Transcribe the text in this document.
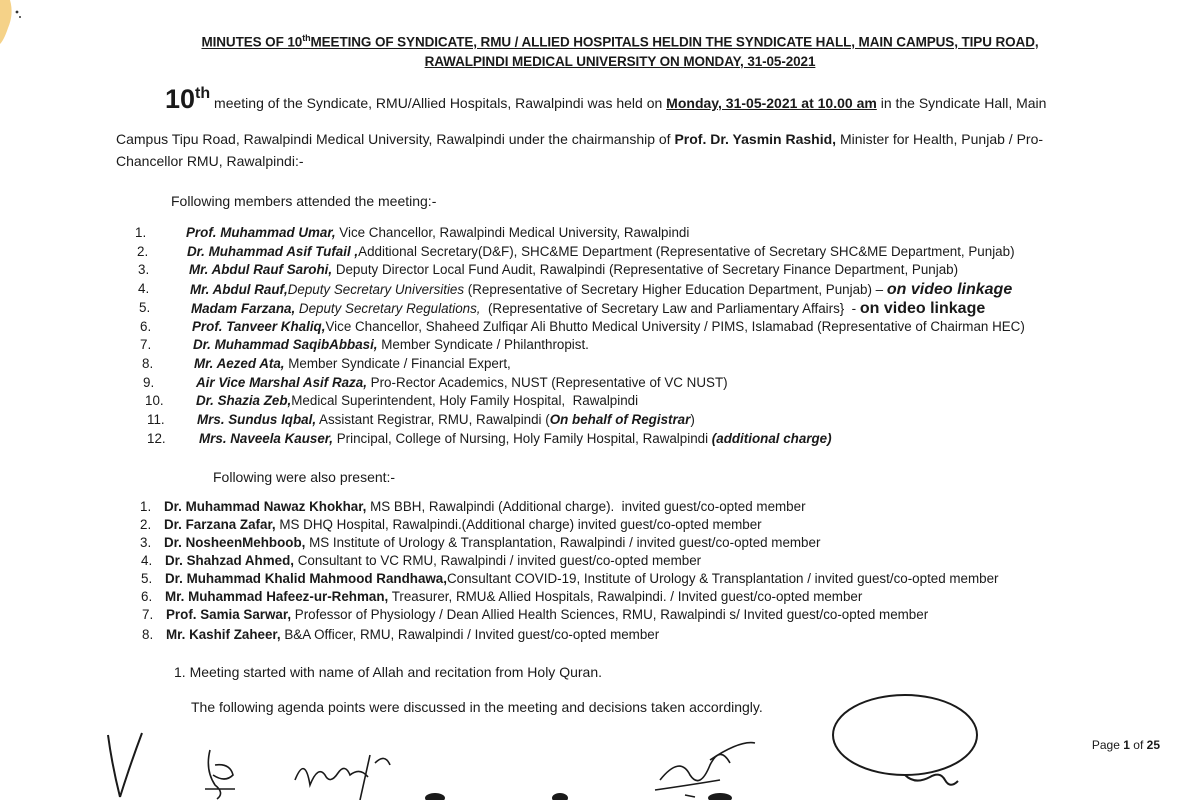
MINUTES OF 10thMEETING OF SYNDICATE, RMU / ALLIED HOSPITALS HELDIN THE SYNDICATE HALL, MAIN CAMPUS, TIPU ROAD,
RAWALPINDI MEDICAL UNIVERSITY ON MONDAY, 31-05-2021
10th meeting of the Syndicate, RMU/Allied Hospitals, Rawalpindi was held on Monday, 31-05-2021 at 10.00 am in the Syndicate Hall, Main
Campus Tipu Road, Rawalpindi Medical University, Rawalpindi under the chairmanship of Prof. Dr. Yasmin Rashid, Minister for Health, Punjab / Pro-
Chancellor RMU, Rawalpindi:-
Following members attended the meeting:-
1.	Prof. Muhammad Umar, Vice Chancellor, Rawalpindi Medical University, Rawalpindi
2.	Dr. Muhammad Asif Tufail ,Additional Secretary(D&F), SHC&ME Department (Representative of Secretary SHC&ME Department, Punjab)
3.	Mr. Abdul Rauf Sarohi, Deputy Director Local Fund Audit, Rawalpindi (Representative of Secretary Finance Department, Punjab)
4.	Mr. Abdul Rauf,Deputy Secretary Universities (Representative of Secretary Higher Education Department, Punjab) – on video linkage
5.	Madam Farzana, Deputy Secretary Regulations,  (Representative of Secretary Law and Parliamentary Affairs}  - on video linkage
6.	Prof. Tanveer Khaliq,Vice Chancellor, Shaheed Zulfiqar Ali Bhutto Medical University / PIMS, Islamabad (Representative of Chairman HEC)
7.	Dr. Muhammad SaqibAbbasi, Member Syndicate / Philanthropist.
8.	Mr. Aezed Ata, Member Syndicate / Financial Expert,
9.	Air Vice Marshal Asif Raza, Pro-Rector Academics, NUST (Representative of VC NUST)
10. Dr. Shazia Zeb,Medical Superintendent, Holy Family Hospital,  Rawalpindi
11. Mrs. Sundus Iqbal, Assistant Registrar, RMU, Rawalpindi (On behalf of Registrar)
12. Mrs. Naveela Kauser, Principal, College of Nursing, Holy Family Hospital, Rawalpindi (additional charge)
Following were also present:-
1. Dr. Muhammad Nawaz Khokhar, MS BBH, Rawalpindi (Additional charge).  invited guest/co-opted member
2. Dr. Farzana Zafar, MS DHQ Hospital, Rawalpindi.(Additional charge) invited guest/co-opted member
3. Dr. NosheenMehboob, MS Institute of Urology & Transplantation, Rawalpindi / invited guest/co-opted member
4. Dr. Shahzad Ahmed, Consultant to VC RMU, Rawalpindi / invited guest/co-opted member
5. Dr. Muhammad Khalid Mahmood Randhawa,Consultant COVID-19, Institute of Urology & Transplantation / invited guest/co-opted member
6. Mr. Muhammad Hafeez-ur-Rehman, Treasurer, RMU& Allied Hospitals, Rawalpindi. / Invited guest/co-opted member
7. Prof. Samia Sarwar, Professor of Physiology / Dean Allied Health Sciences, RMU, Rawalpindi s/ Invited guest/co-opted member
8. Mr. Kashif Zaheer, B&A Officer, RMU, Rawalpindi / Invited guest/co-opted member
1. Meeting started with name of Allah and recitation from Holy Quran.
The following agenda points were discussed in the meeting and decisions taken accordingly.
Page 1 of 25
